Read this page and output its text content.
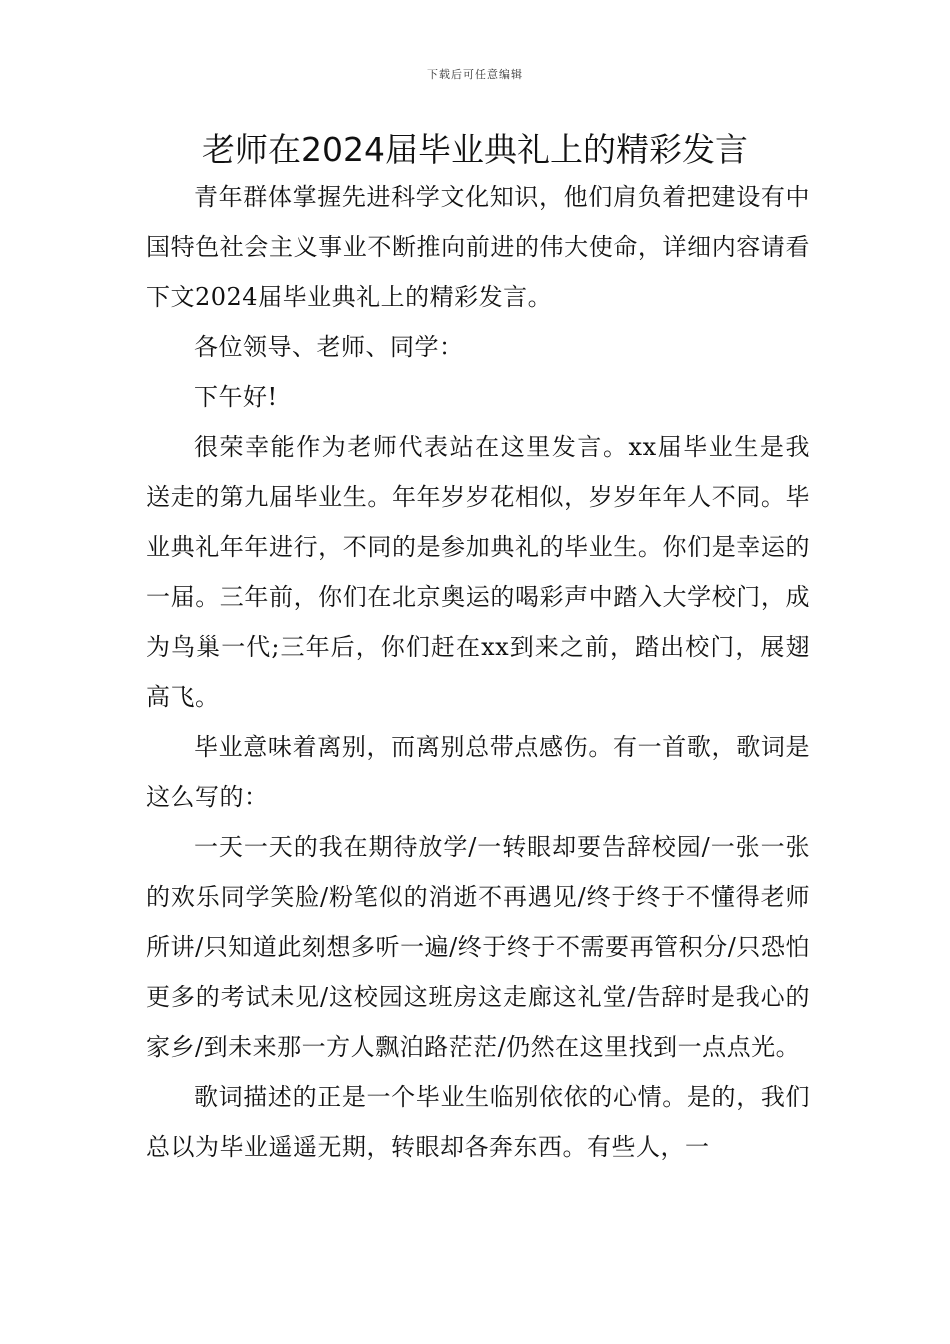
下载后可任意编辑
老师在2024届毕业典礼上的精彩发言

青年群体掌握先进科学文化知识，他们肩负着把建设有中国特色社会主义事业不断推向前进的伟大使命，详细内容请看下文2024届毕业典礼上的精彩发言。

各位领导、老师、同学：

下午好!

很荣幸能作为老师代表站在这里发言。xx届毕业生是我送走的第九届毕业生。年年岁岁花相似，岁岁年年人不同。毕业典礼年年进行，不同的是参加典礼的毕业生。你们是幸运的一届。三年前，你们在北京奥运的喝彩声中踏入大学校门，成为鸟巢一代;三年后，你们赶在xx到来之前，踏出校门，展翅高飞。

毕业意味着离别，而离别总带点感伤。有一首歌，歌词是这么写的：

一天一天的我在期待放学/一转眼却要告辞校园/一张一张的欢乐同学笑脸/粉笔似的消逝不再遇见/终于终于不懂得老师所讲/只知道此刻想多听一遍/终于终于不需要再管积分/只恐怕更多的考试未见/这校园这班房这走廊这礼堂/告辞时是我心的家乡/到未来那一方人飘泊路茫茫/仍然在这里找到一点点光。

歌词描述的正是一个毕业生临别依依的心情。是的，我们总以为毕业遥遥无期，转眼却各奔东西。有些人，一
